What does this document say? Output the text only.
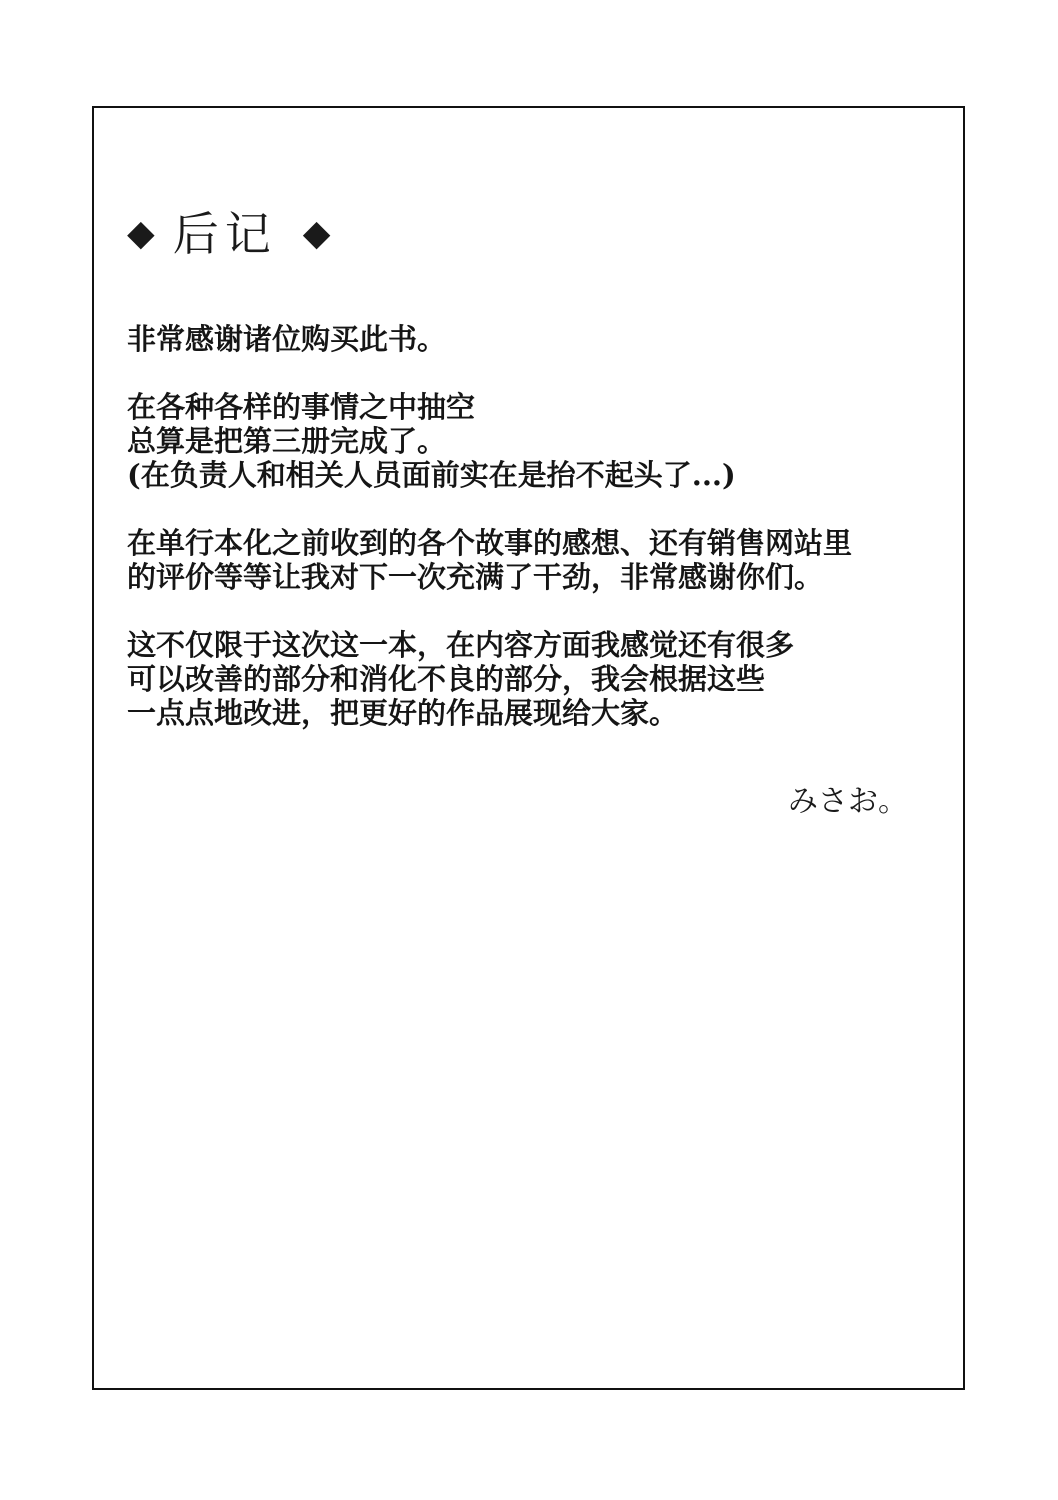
◆ 后记 ◆

非常感谢诸位购买此书。

在各种各样的事情之中抽空
总算是把第三册完成了。
(在负责人和相关人员面前实在是抬不起头了...)

在单行本化之前收到的各个故事的感想、还有销售网站里
的评价等等让我对下一次充满了干劲，非常感谢你们。

这不仅限于这次这一本，在内容方面我感觉还有很多
可以改善的部分和消化不良的部分，我会根据这些
一点点地改进，把更好的作品展现给大家。

みさお。
